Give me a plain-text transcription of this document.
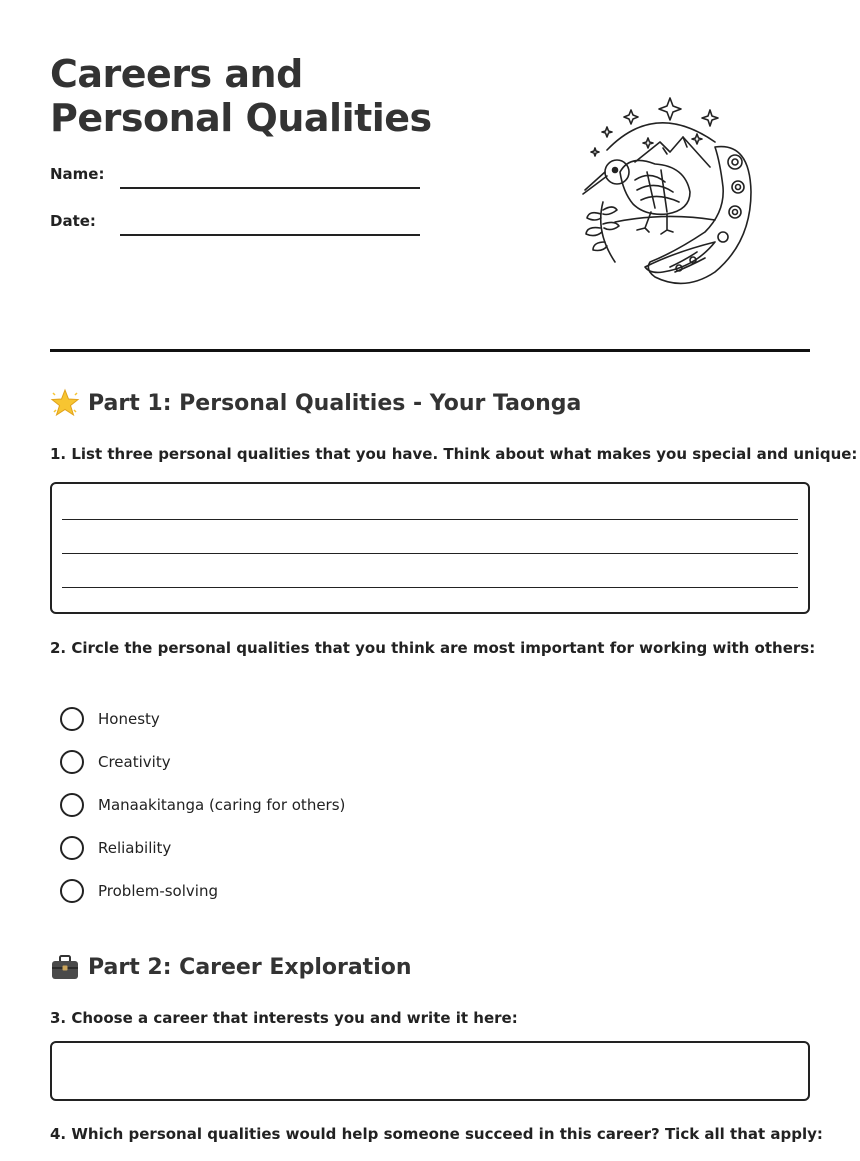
Careers and Personal Qualities
Name:
Date:
Part 1: Personal Qualities - Your Taonga

1. List three personal qualities that you have. Think about what makes you special and unique:

2. Circle the personal qualities that you think are most important for working with others:

Honesty
Creativity
Manaakitanga (caring for others)
Reliability
Problem-solving
Part 2: Career Exploration

3. Choose a career that interests you and write it here:

4. Which personal qualities would help someone succeed in this career? Tick all that apply:
